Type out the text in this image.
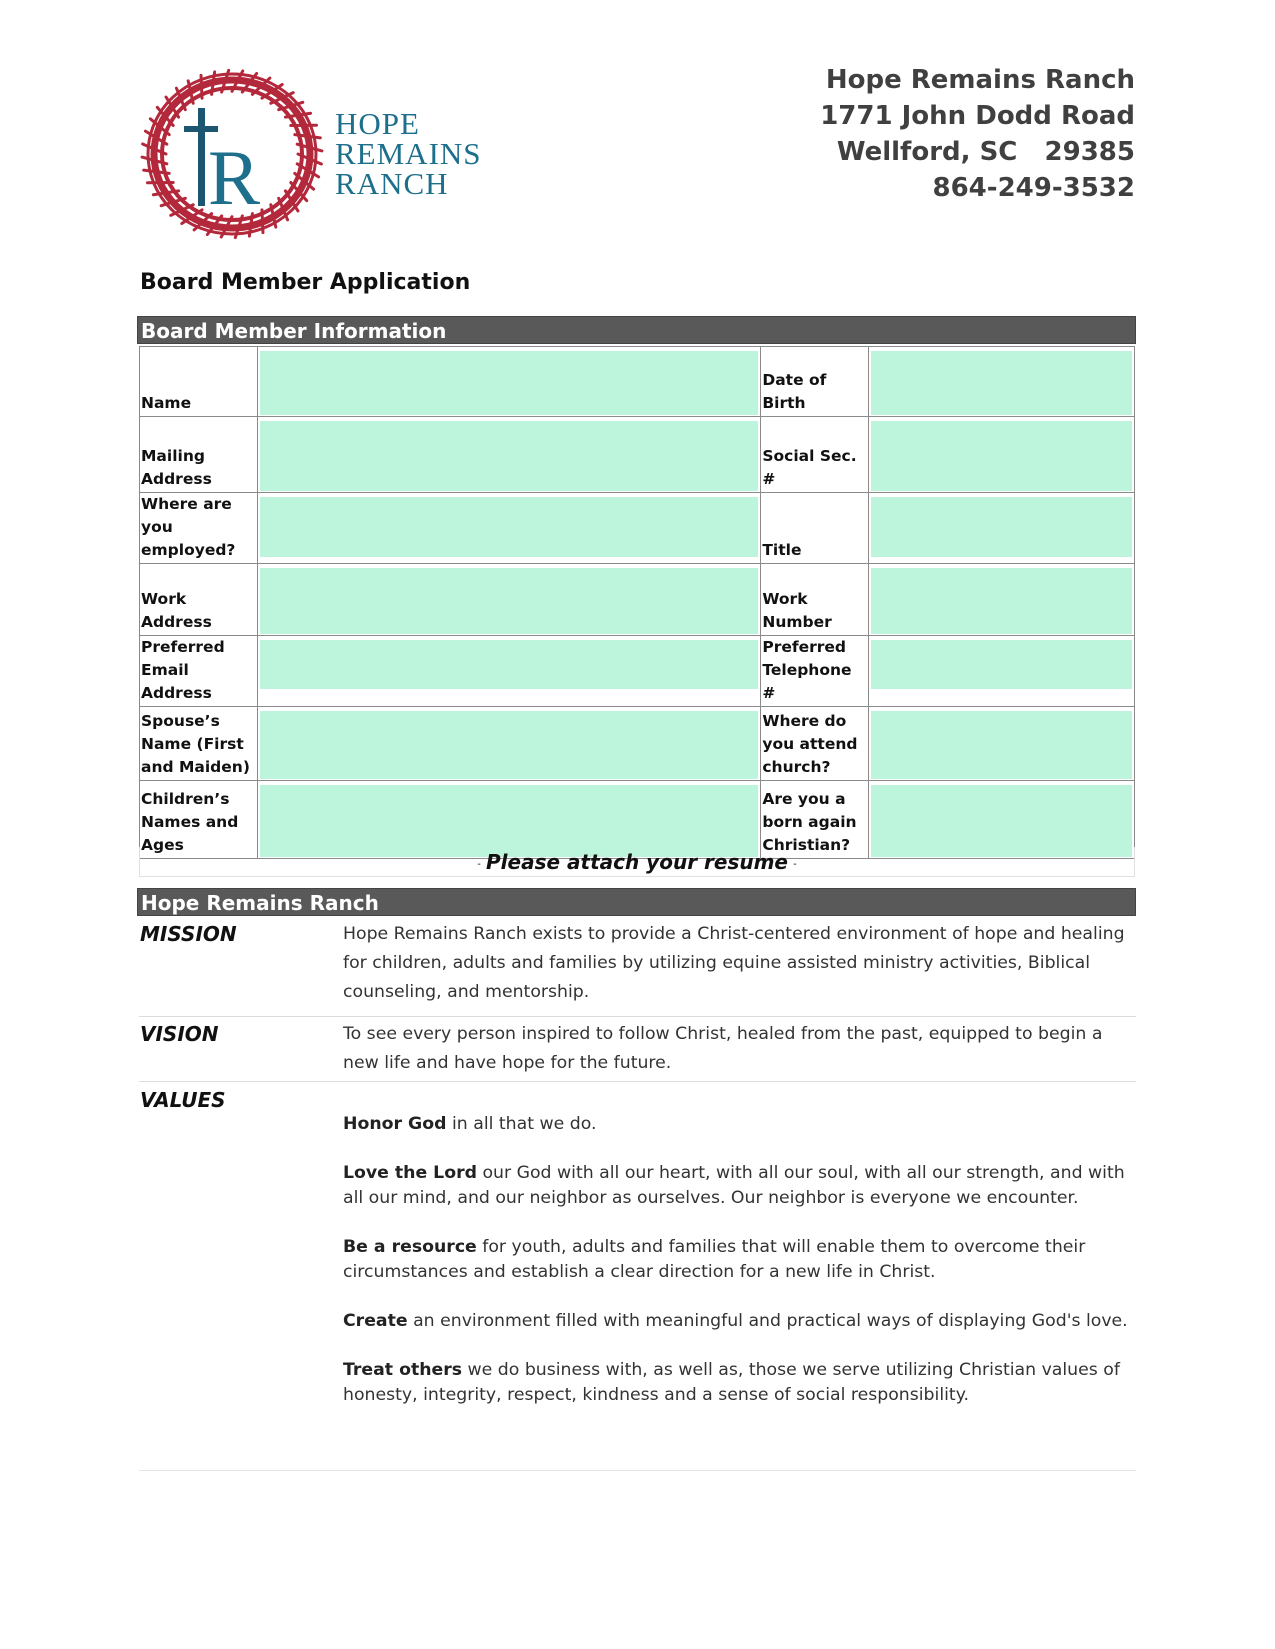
R
HOPE
REMAINS
RANCH
Hope Remains Ranch
1771 John Dodd Road
Wellford, SC   29385
864-249-3532
Board Member Application
Board Member Information
Name		Date of Birth	

Mailing Address		Social Sec. #	

Where are you employed?		Title	

Work Address		Work Number	

Preferred Email Address		Preferred Telephone #	

Spouse’s Name (First and Maiden)		Where do you attend church?	

Children’s Names and Ages		Are you a born again Christian?	
- Please attach your resume -
Hope Remains Ranch
MISSION	Hope Remains Ranch exists to provide a Christ-centered environment of hope and healing for children, adults and families by utilizing equine assisted ministry activities, Biblical counseling, and mentorship.
VISION	To see every person inspired to follow Christ, healed from the past, equipped to begin a new life and have hope for the future.
VALUES
Honor God in all that we do.
Love the Lord our God with all our heart, with all our soul, with all our strength, and with all our mind, and our neighbor as ourselves. Our neighbor is everyone we encounter.
Be a resource for youth, adults and families that will enable them to overcome their circumstances and establish a clear direction for a new life in Christ.
Create an environment filled with meaningful and practical ways of displaying God's love.
Treat others we do business with, as well as, those we serve utilizing Christian values of honesty, integrity, respect, kindness and a sense of social responsibility.
